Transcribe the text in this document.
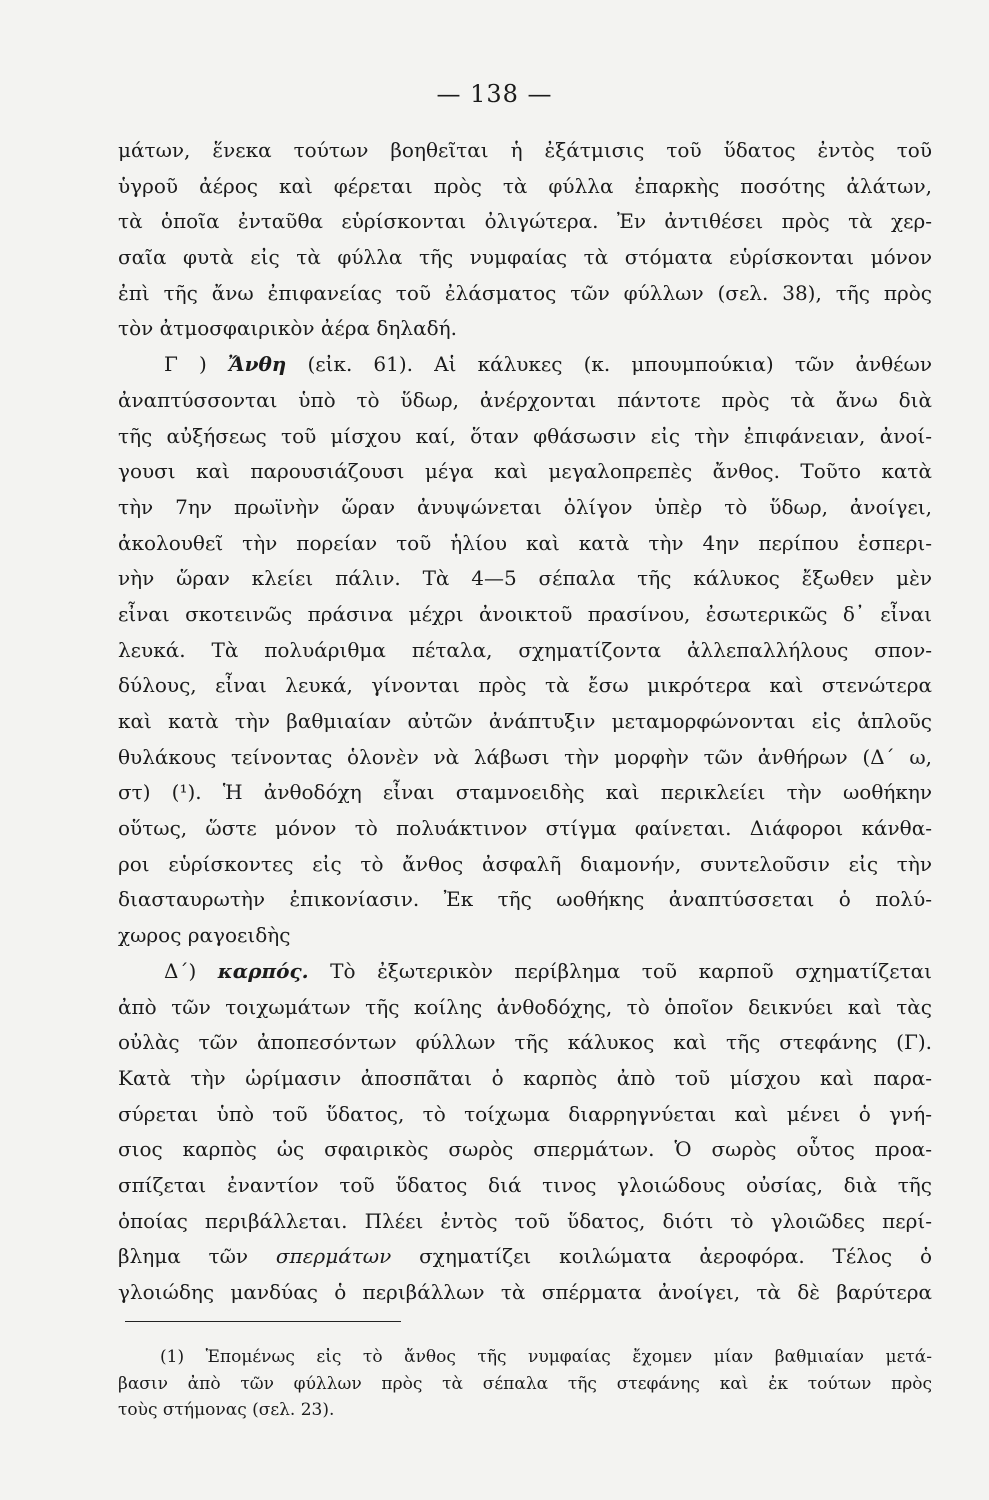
— 138 —
μάτων, ἕνεκα τούτων βοηθεῖται ἡ ἐξάτμισις τοῦ ὕδατος ἐντὸς τοῦ
ὑγροῦ ἀέρος καὶ φέρεται πρὸς τὰ φύλλα ἐπαρκὴς ποσότης ἀλάτων,
τὰ ὁποῖα ἐνταῦθα εὑρίσκονται ὀλιγώτερα. Ἐν ἀντιθέσει πρὸς τὰ χερ-
σαῖα φυτὰ εἰς τὰ φύλλα τῆς νυμφαίας τὰ στόματα εὑρίσκονται μόνον
ἐπὶ τῆς ἄνω ἐπιφανείας τοῦ ἐλάσματος τῶν φύλλων (σελ. 38), τῆς πρὸς
τὸν ἀτμοσφαιρικὸν ἀέρα δηλαδή.
Γ ) Ἄνθη (εἰκ. 61). Αἱ κάλυκες (κ. μπουμπούκια) τῶν ἀνθέων
ἀναπτύσσονται ὑπὸ τὸ ὕδωρ, ἀνέρχονται πάντοτε πρὸς τὰ ἄνω διὰ
τῆς αὐξήσεως τοῦ μίσχου καί, ὅταν φθάσωσιν εἰς τὴν ἐπιφάνειαν, ἀνοί-
γουσι καὶ παρουσιάζουσι μέγα καὶ μεγαλοπρεπὲς ἄνθος. Τοῦτο κατὰ
τὴν 7ην πρωϊνὴν ὥραν ἀνυψώνεται ὀλίγον ὑπὲρ τὸ ὕδωρ, ἀνοίγει,
ἀκολουθεῖ τὴν πορείαν τοῦ ἡλίου καὶ κατὰ τὴν 4ην περίπου ἑσπερι-
νὴν ὥραν κλείει πάλιν. Τὰ 4—5 σέπαλα τῆς κάλυκος ἔξωθεν μὲν
εἶναι σκοτεινῶς πράσινα μέχρι ἀνοικτοῦ πρασίνου, ἐσωτερικῶς δ᾽ εἶναι
λευκά. Τὰ πολυάριθμα πέταλα, σχηματίζοντα ἀλλεπαλλήλους σπον-
δύλους, εἶναι λευκά, γίνονται πρὸς τὰ ἔσω μικρότερα καὶ στενώτερα
καὶ κατὰ τὴν βαθμιαίαν αὐτῶν ἀνάπτυξιν μεταμορφώνονται εἰς ἁπλοῦς
θυλάκους τείνοντας ὁλονὲν νὰ λάβωσι τὴν μορφὴν τῶν ἀνθήρων (Δ΄ ω,
στ) (¹). Ἡ ἀνθοδόχη εἶναι σταμνοειδὴς καὶ περικλείει τὴν ωοθήκην
οὕτως, ὥστε μόνον τὸ πολυάκτινον στίγμα φαίνεται. Διάφοροι κάνθα-
ροι εὑρίσκοντες εἰς τὸ ἄνθος ἀσφαλῆ διαμονήν, συντελοῦσιν εἰς τὴν
διασταυρωτὴν ἐπικονίασιν. Ἐκ τῆς ωοθήκης ἀναπτύσσεται ὁ πολύ-
χωρος ραγοειδὴς
Δ΄) καρπός. Τὸ ἐξωτερικὸν περίβλημα τοῦ καρποῦ σχηματίζεται
ἀπὸ τῶν τοιχωμάτων τῆς κοίλης ἀνθοδόχης, τὸ ὁποῖον δεικνύει καὶ τὰς
οὐλὰς τῶν ἀποπεσόντων φύλλων τῆς κάλυκος καὶ τῆς στεφάνης (Γ).
Κατὰ τὴν ὡρίμασιν ἀποσπᾶται ὁ καρπὸς ἀπὸ τοῦ μίσχου καὶ παρα-
σύρεται ὑπὸ τοῦ ὕδατος, τὸ τοίχωμα διαρρηγνύεται καὶ μένει ὁ γνή-
σιος καρπὸς ὡς σφαιρικὸς σωρὸς σπερμάτων. Ὁ σωρὸς οὗτος προα-
σπίζεται ἐναντίον τοῦ ὕδατος διά τινος γλοιώδους οὐσίας, διὰ τῆς
ὁποίας περιβάλλεται. Πλέει ἐντὸς τοῦ ὕδατος, διότι τὸ γλοιῶδες περί-
βλημα τῶν σπερμάτων σχηματίζει κοιλώματα ἀεροφόρα. Τέλος ὁ
γλοιώδης μανδύας ὁ περιβάλλων τὰ σπέρματα ἀνοίγει, τὰ δὲ βαρύτερα
(1) Ἑπομένως εἰς τὸ ἄνθος τῆς νυμφαίας ἔχομεν μίαν βαθμιαίαν μετά-
βασιν ἀπὸ τῶν φύλλων πρὸς τὰ σέπαλα τῆς στεφάνης καὶ ἐκ τούτων πρὸς
τοὺς στήμονας (σελ. 23).
